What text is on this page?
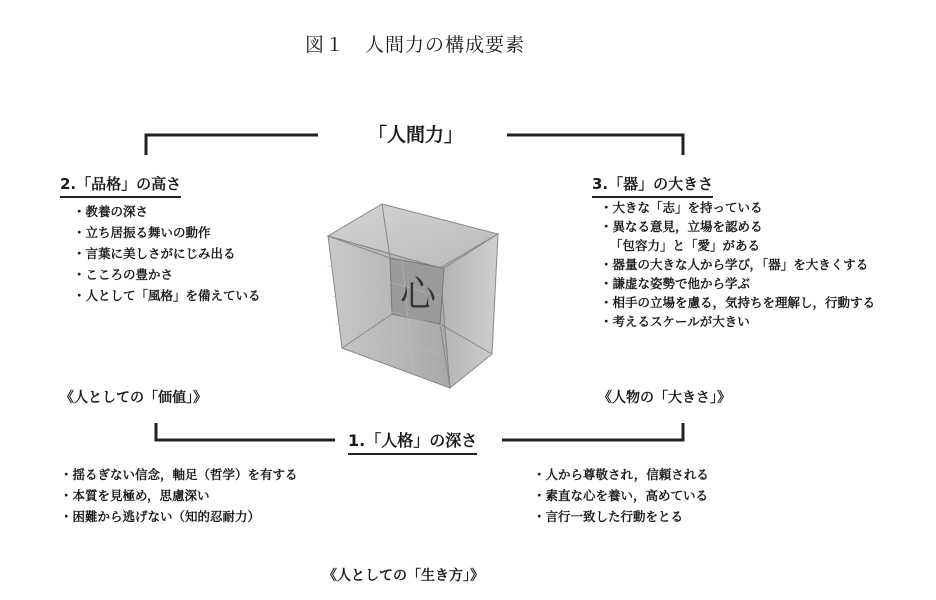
図１　人間力の構成要素
「人間力」
心
2.「品格」の高さ
・教養の深さ
・立ち居振る舞いの動作
・言葉に美しさがにじみ出る
・こころの豊かさ
・人として「風格」を備えている
《人としての「価値」》
3.「器」の大きさ
・大きな「志」を持っている
・異なる意見，立場を認める
「包容力」と「愛」がある
・器量の大きな人から学び，「器」を大きくする
・謙虚な姿勢で他から学ぶ
・相手の立場を慮る，気持ちを理解し，行動する
・考えるスケールが大きい
《人物の「大きさ」》
1.「人格」の深さ
・揺るぎない信念，軸足（哲学）を有する
・本質を見極め，思慮深い
・困難から逃げない（知的忍耐力）
・人から尊敬され，信頼される
・素直な心を養い，高めている
・言行一致した行動をとる
《人としての「生き方」》
